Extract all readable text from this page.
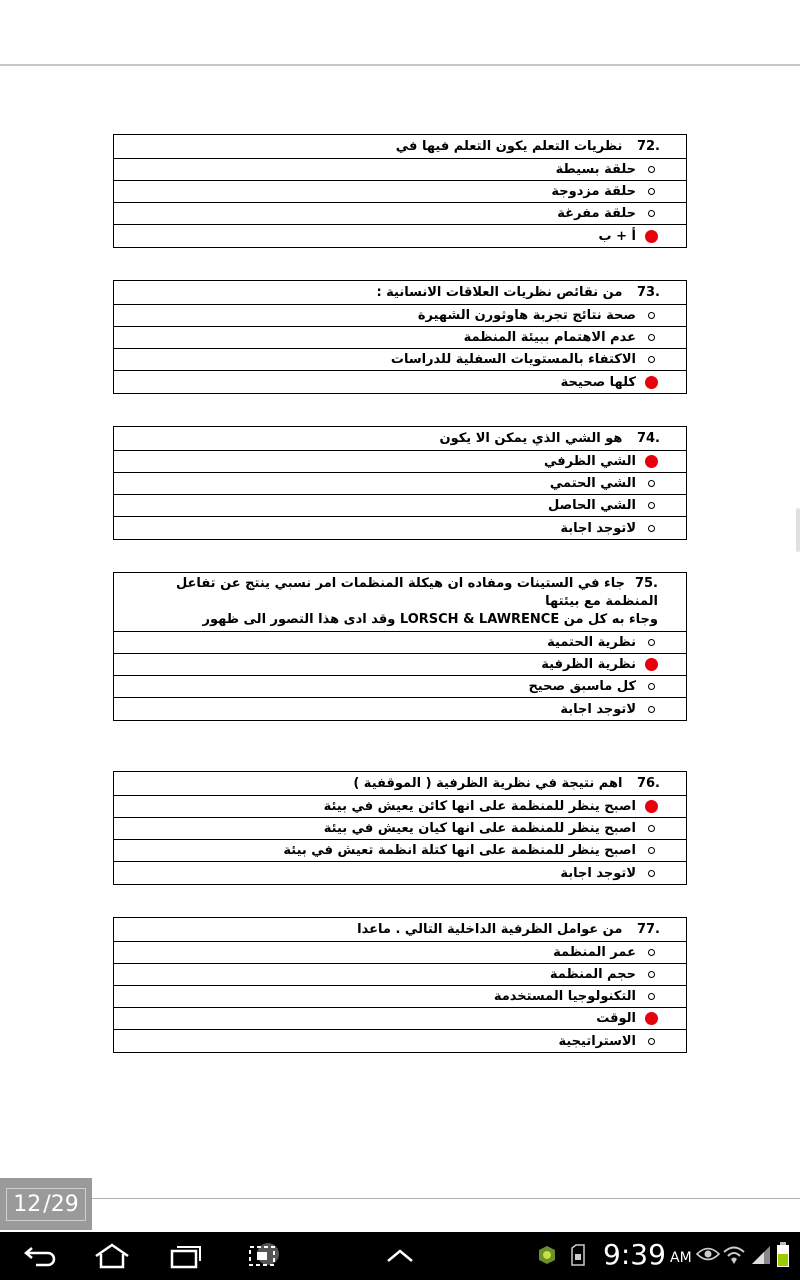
72. نظريات التعلم يكون التعلم فيها في
حلقة بسيطة
حلقة مزدوجة
حلقة مفرغة
أ + ب
73. من نقائص نظريات العلاقات الانسانية :
صحة نتائج تجربة هاوثورن الشهيرة
عدم الاهتمام ببيئة المنظمة
الاكتفاء بالمستويات السفلية للدراسات
كلها صحيحة
74. هو الشي الذي يمكن الا يكون
الشي الظرفي
الشي الحتمي
الشي الحاصل
لاتوجد اجابة
75.جاء في الستينات ومفاده ان هيكلة المنظمات امر نسبي ينتج عن تفاعل المنظمة مع بيئتها
وجاء به كل من LORSCH & LAWRENCE وقد ادى هذا التصور الى ظهور
نظرية الحتمية
نظرية الظرفية
كل ماسبق صحيح
لاتوجد اجابة
76. اهم نتيجة في نظرية الظرفية ( الموقفية )
اصبح ينظر للمنظمة على انها كائن يعيش في بيئة
اصبح ينظر للمنظمة على انها كيان يعيش في بيئة
اصبح ينظر للمنظمة على انها كتلة انظمة تعيش في بيئة
لاتوجد اجابة
77. من عوامل الظرفية الداخلية التالي . ماعدا
عمر المنظمة
حجم المنظمة
التكنولوجيا المستخدمة
الوقت
الاستراتيجية
12 /29
9:39 AM
